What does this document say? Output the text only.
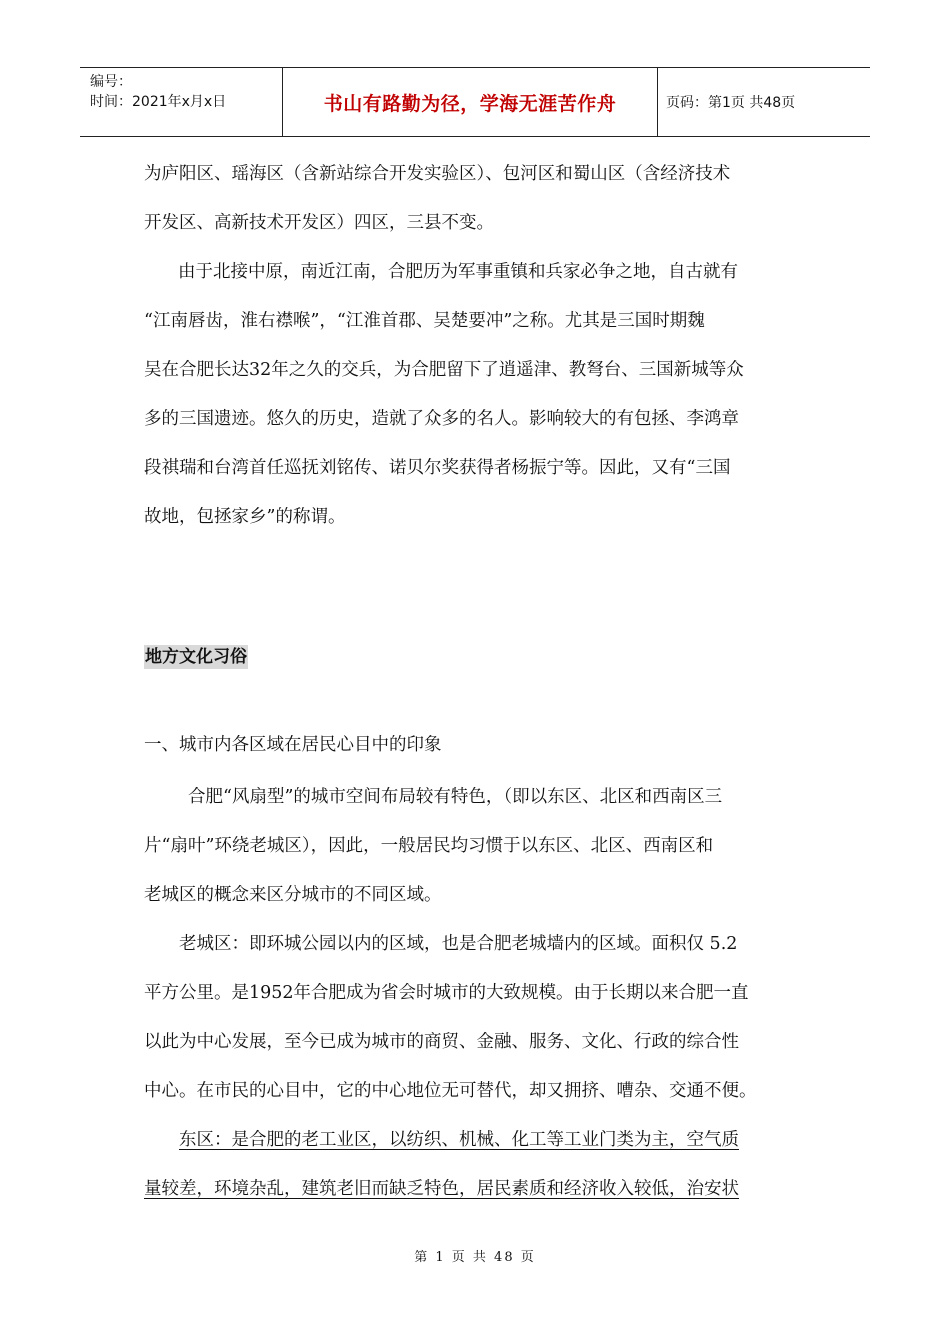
编号：
时间：2021年x月x日	书山有路勤为径，学海无涯苦作舟	页码：第1页 共48页
为庐阳区、瑶海区（含新站综合开发实验区）、包河区和蜀山区（含经济技术
开发区、高新技术开发区）四区，三县不变。
由于北接中原，南近江南，合肥历为军事重镇和兵家必争之地，自古就有
“江南唇齿，淮右襟喉”，“江淮首郡、吴楚要冲”之称。尤其是三国时期魏
吴在合肥长达32年之久的交兵，为合肥留下了逍遥津、教弩台、三国新城等众
多的三国遗迹。悠久的历史，造就了众多的名人。影响较大的有包拯、李鸿章
段祺瑞和台湾首任巡抚刘铭传、诺贝尔奖获得者杨振宁等。因此，又有“三国
故地，包拯家乡”的称谓。
地方文化习俗
一、城市内各区域在居民心目中的印象
合肥“风扇型”的城市空间布局较有特色，（即以东区、北区和西南区三
片“扇叶”环绕老城区），因此，一般居民均习惯于以东区、北区、西南区和
老城区的概念来区分城市的不同区域。
老城区：即环城公园以内的区域，也是合肥老城墙内的区域。面积仅 5.2
平方公里。是1952年合肥成为省会时城市的大致规模。由于长期以来合肥一直
以此为中心发展，至今已成为城市的商贸、金融、服务、文化、行政的综合性
中心。在市民的心目中，它的中心地位无可替代，却又拥挤、嘈杂、交通不便。
东区：是合肥的老工业区，以纺织、机械、化工等工业门类为主，空气质
量较差，环境杂乱，建筑老旧而缺乏特色，居民素质和经济收入较低，治安状
第 1 页 共 48 页
